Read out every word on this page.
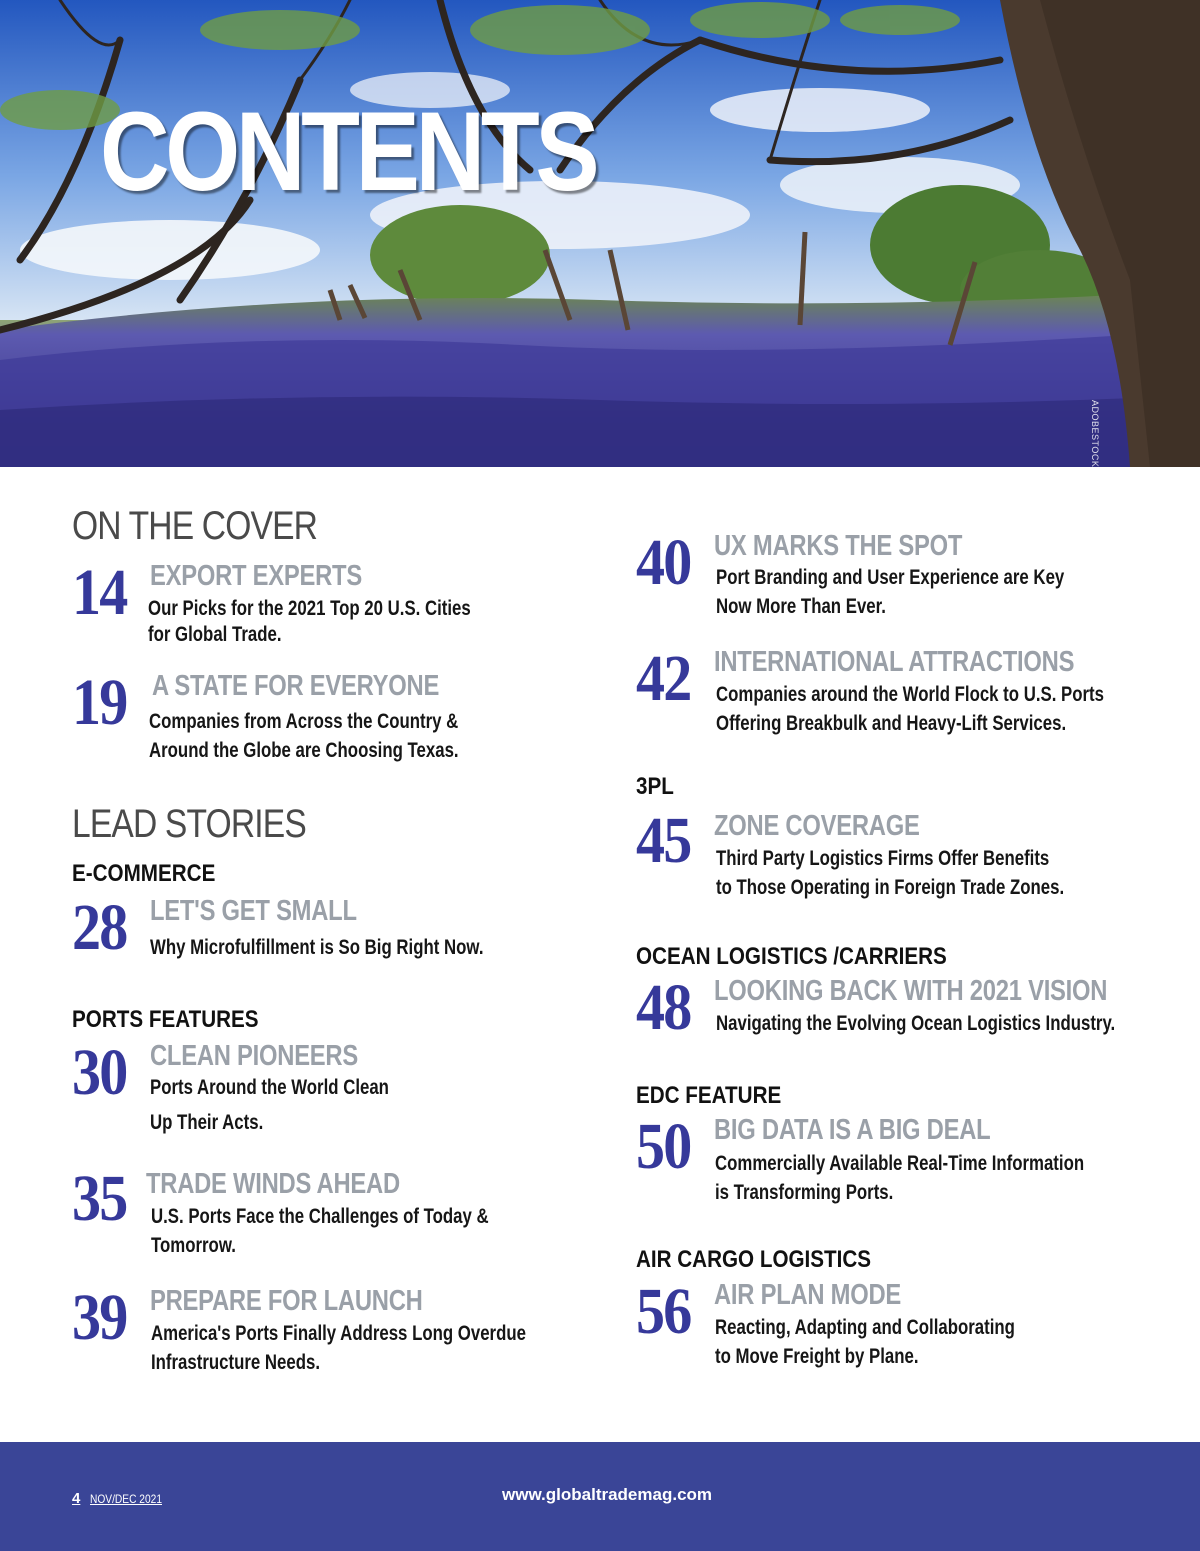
CONTENTS
ADOBESTOCK
ON THE COVER
14 EXPORT EXPERTS
Our Picks for the 2021 Top 20 U.S. Cities
for Global Trade.
19 A STATE FOR EVERYONE
Companies from Across the Country &
Around the Globe are Choosing Texas.
LEAD STORIES
E-COMMERCE
28 LET'S GET SMALL
Why Microfulfillment is So Big Right Now.
PORTS FEATURES
30 CLEAN PIONEERS
Ports Around the World Clean
Up Their Acts.
35 TRADE WINDS AHEAD
U.S. Ports Face the Challenges of Today &
Tomorrow.
39 PREPARE FOR LAUNCH
America's Ports Finally Address Long Overdue
Infrastructure Needs.
40 UX MARKS THE SPOT
Port Branding and User Experience are Key
Now More Than Ever.
42 INTERNATIONAL ATTRACTIONS
Companies around the World Flock to U.S. Ports
Offering Breakbulk and Heavy-Lift Services.
3PL
45 ZONE COVERAGE
Third Party Logistics Firms Offer Benefits
to Those Operating in Foreign Trade Zones.
OCEAN LOGISTICS /CARRIERS
48 LOOKING BACK WITH 2021 VISION
Navigating the Evolving Ocean Logistics Industry.
EDC FEATURE
50 BIG DATA IS A BIG DEAL
Commercially Available Real-Time Information
is Transforming Ports.
AIR CARGO LOGISTICS
56 AIR PLAN MODE
Reacting, Adapting and Collaborating
to Move Freight by Plane.
4 NOV/DEC 2021	www.globaltrademag.com
